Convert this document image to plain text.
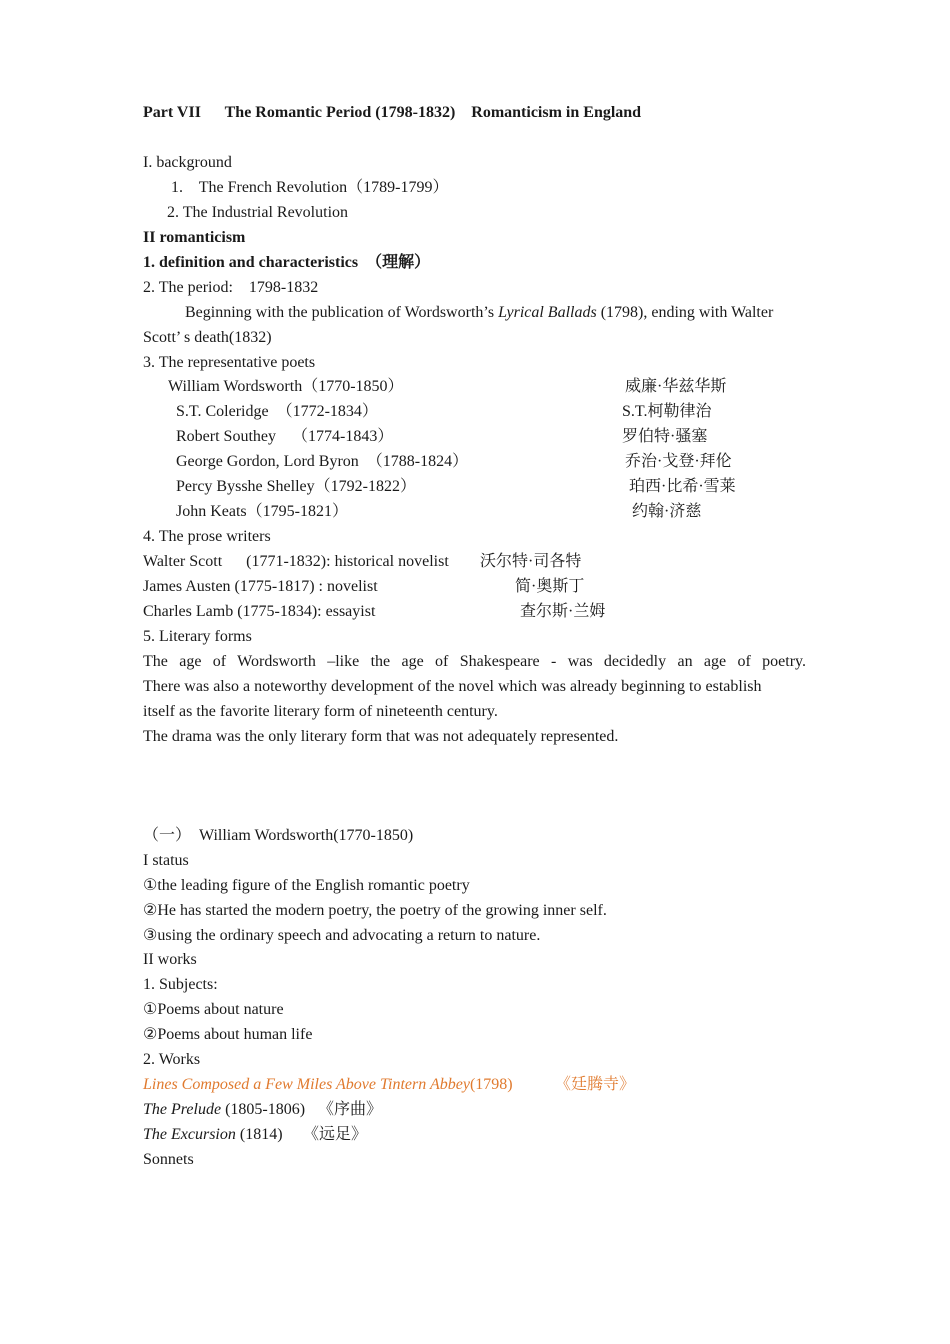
Part VII      The Romantic Period (1798-1832)    Romanticism in England
I. background
1.    The French Revolution（1789-1799）
2. The Industrial Revolution
II romanticism
1. definition and characteristics  （理解）
2. The period:    1798-1832
Beginning with the publication of Wordsworth’s Lyrical Ballads (1798), ending with Walter
Scott’ s death(1832)
3. The representative poets
William Wordsworth（1770-1850）	威廉·华兹华斯
S.T. Coleridge  （1772-1834）	S.T.柯勒律治
Robert Southey    （1774-1843）	罗伯特·骚塞
George Gordon, Lord Byron  （1788-1824）	乔治·戈登·拜伦
Percy Bysshe Shelley（1792-1822）	珀西·比希·雪莱
John Keats（1795-1821）	约翰·济慈
4. The prose writers
Walter Scott      (1771-1832): historical novelist 沃尔特·司各特
James Austen (1775-1817) : novelist	简·奥斯丁
Charles Lamb (1775-1834): essayist	查尔斯·兰姆
5. Literary forms
The age of Wordsworth –like the age of Shakespeare - was decidedly an age of poetry.
There was also a noteworthy development of the novel which was already beginning to establish
itself as the favorite literary form of nineteenth century.
The drama was the only literary form that was not adequately represented.
（一）  William Wordsworth(1770-1850)
I status
①the leading figure of the English romantic poetry
②He has started the modern poetry, the poetry of the growing inner self.
③using the ordinary speech and advocating a return to nature.
II works
1. Subjects:
①Poems about nature
②Poems about human life
2. Works
Lines Composed a Few Miles Above Tintern Abbey(1798)	《廷腾寺》
The Prelude (1805-1806) 《序曲》
The Excursion (1814) 《远足》
Sonnets
